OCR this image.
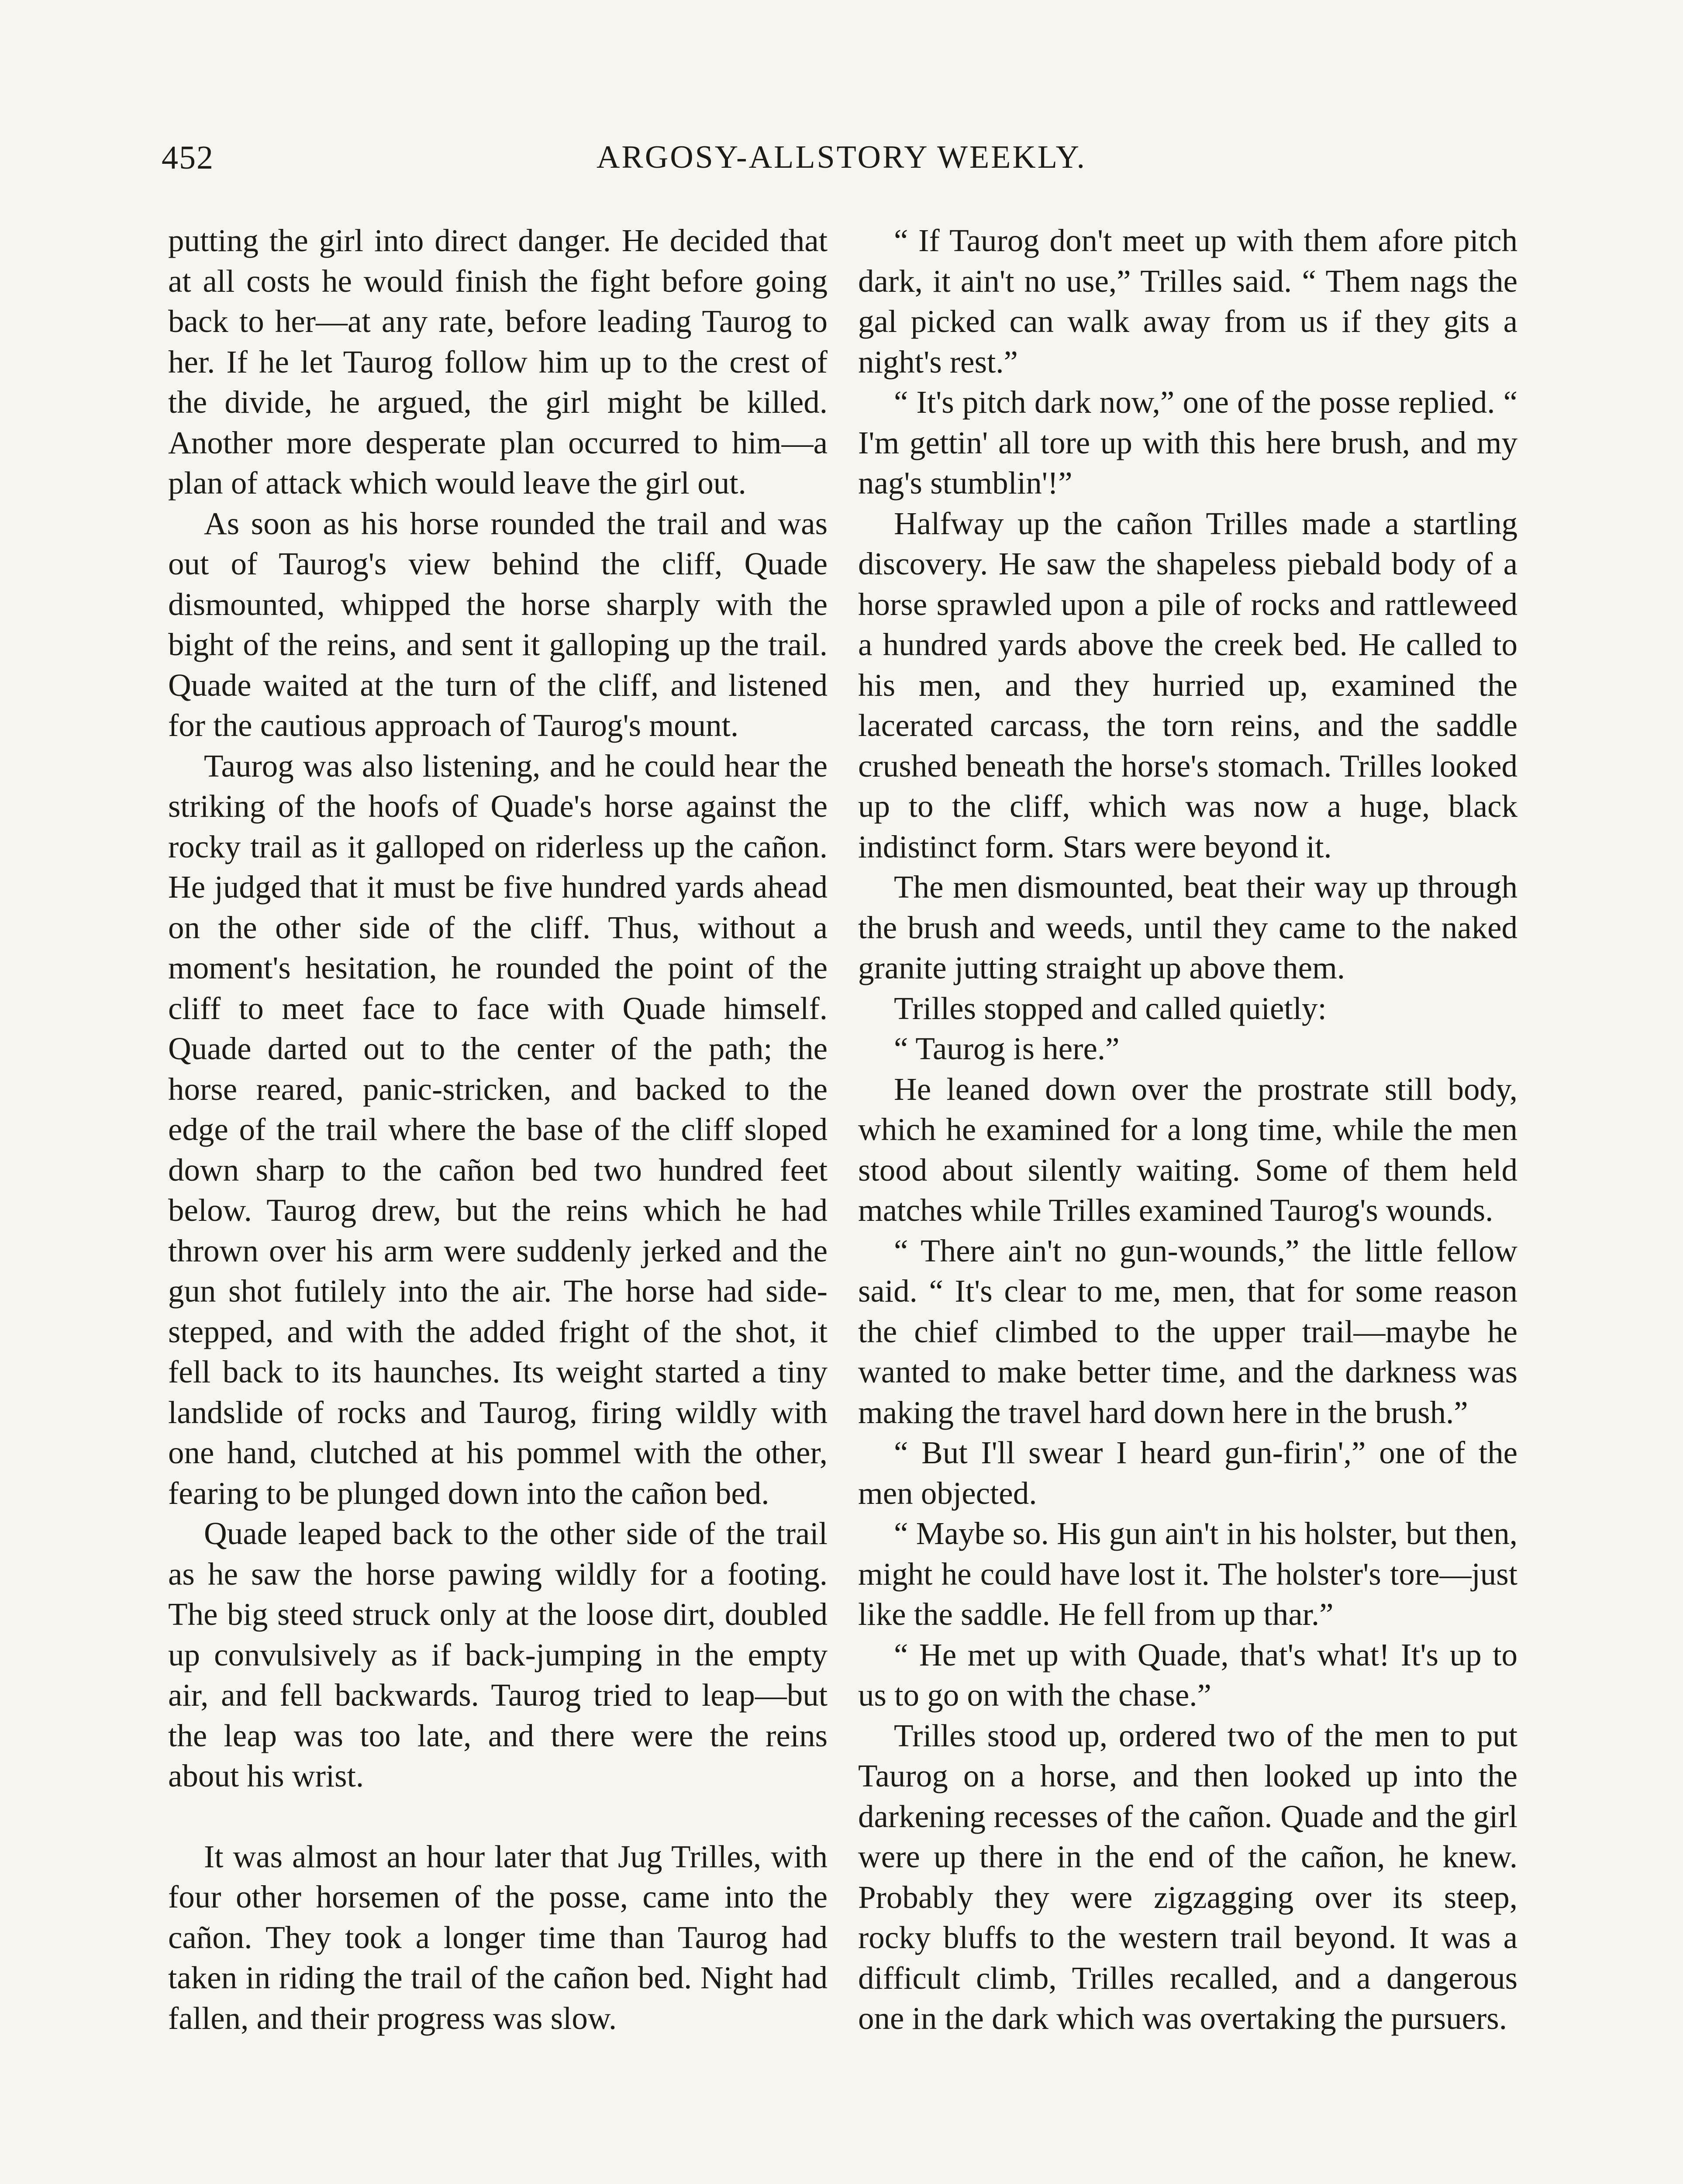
452	ARGOSY-ALLSTORY WEEKLY.

putting the girl into direct danger. He decided that at all costs he would finish the fight before going back to her—at any rate, before leading Taurog to her. If he let Taurog follow him up to the crest of the divide, he argued, the girl might be killed. Another more desperate plan occurred to him—a plan of attack which would leave the girl out.

As soon as his horse rounded the trail and was out of Taurog's view behind the cliff, Quade dismounted, whipped the horse sharply with the bight of the reins, and sent it galloping up the trail. Quade waited at the turn of the cliff, and listened for the cautious approach of Taurog's mount.

Taurog was also listening, and he could hear the striking of the hoofs of Quade's horse against the rocky trail as it galloped on riderless up the cañon. He judged that it must be five hundred yards ahead on the other side of the cliff. Thus, without a moment's hesitation, he rounded the point of the cliff to meet face to face with Quade himself. Quade darted out to the center of the path; the horse reared, panic-stricken, and backed to the edge of the trail where the base of the cliff sloped down sharp to the cañon bed two hundred feet below. Taurog drew, but the reins which he had thrown over his arm were suddenly jerked and the gun shot futilely into the air. The horse had side-stepped, and with the added fright of the shot, it fell back to its haunches. Its weight started a tiny landslide of rocks and Taurog, firing wildly with one hand, clutched at his pommel with the other, fearing to be plunged down into the cañon bed.

Quade leaped back to the other side of the trail as he saw the horse pawing wildly for a footing. The big steed struck only at the loose dirt, doubled up convulsively as if back-jumping in the empty air, and fell backwards. Taurog tried to leap—but the leap was too late, and there were the reins about his wrist.

It was almost an hour later that Jug Trilles, with four other horsemen of the posse, came into the cañon. They took a longer time than Taurog had taken in riding the trail of the cañon bed. Night had fallen, and their progress was slow.

“ If Taurog don't meet up with them afore pitch dark, it ain't no use,” Trilles said. “ Them nags the gal picked can walk away from us if they gits a night's rest.”

“ It's pitch dark now,” one of the posse replied. “ I'm gettin' all tore up with this here brush, and my nag's stumblin'!”

Halfway up the cañon Trilles made a startling discovery. He saw the shapeless piebald body of a horse sprawled upon a pile of rocks and rattleweed a hundred yards above the creek bed. He called to his men, and they hurried up, examined the lacerated carcass, the torn reins, and the saddle crushed beneath the horse's stomach. Trilles looked up to the cliff, which was now a huge, black indistinct form. Stars were beyond it.

The men dismounted, beat their way up through the brush and weeds, until they came to the naked granite jutting straight up above them.

Trilles stopped and called quietly:

“ Taurog is here.”

He leaned down over the prostrate still body, which he examined for a long time, while the men stood about silently waiting. Some of them held matches while Trilles examined Taurog's wounds.

“ There ain't no gun-wounds,” the little fellow said. “ It's clear to me, men, that for some reason the chief climbed to the upper trail—maybe he wanted to make better time, and the darkness was making the travel hard down here in the brush.”

“ But I'll swear I heard gun-firin',” one of the men objected.

“ Maybe so. His gun ain't in his holster, but then, might he could have lost it. The holster's tore—just like the saddle. He fell from up thar.”

“ He met up with Quade, that's what! It's up to us to go on with the chase.”

Trilles stood up, ordered two of the men to put Taurog on a horse, and then looked up into the darkening recesses of the cañon. Quade and the girl were up there in the end of the cañon, he knew. Probably they were zigzagging over its steep, rocky bluffs to the western trail beyond. It was a difficult climb, Trilles recalled, and a dangerous one in the dark which was overtaking the pursuers.
